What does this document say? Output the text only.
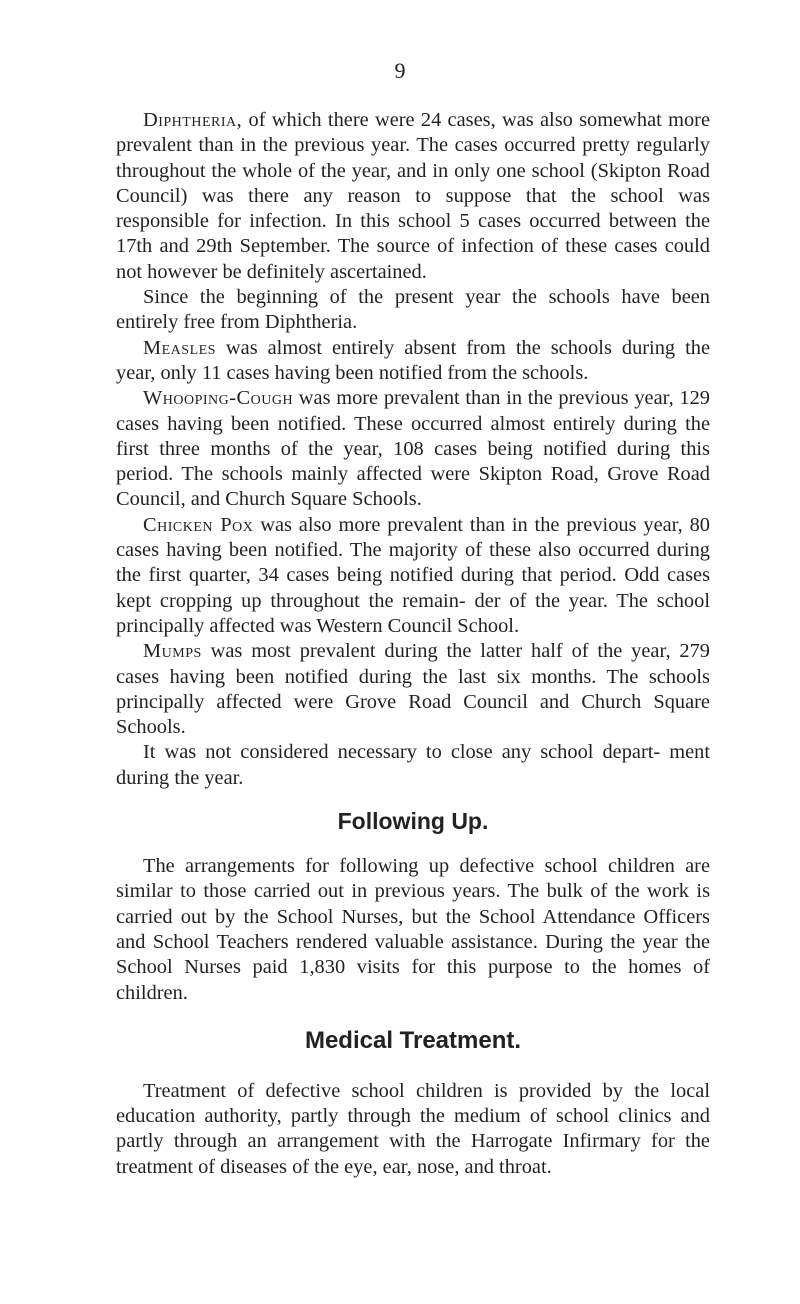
9

Diphtheria, of which there were 24 cases, was also somewhat more prevalent than in the previous year. The cases occurred pretty regularly throughout the whole of the year, and in only one school (Skipton Road Council) was there any reason to suppose that the school was responsible for infection. In this school 5 cases occurred between the 17th and 29th September. The source of infection of these cases could not however be definitely ascertained.

Since the beginning of the present year the schools have been entirely free from Diphtheria.

Measles was almost entirely absent from the schools during the year, only 11 cases having been notified from the schools.

Whooping-Cough was more prevalent than in the previous year, 129 cases having been notified. These occurred almost entirely during the first three months of the year, 108 cases being notified during this period. The schools mainly affected were Skipton Road, Grove Road Council, and Church Square Schools.

Chicken Pox was also more prevalent than in the previous year, 80 cases having been notified. The majority of these also occurred during the first quarter, 34 cases being notified during that period. Odd cases kept cropping up throughout the remain- der of the year. The school principally affected was Western Council School.

Mumps was most prevalent during the latter half of the year, 279 cases having been notified during the last six months. The schools principally affected were Grove Road Council and Church Square Schools.

It was not considered necessary to close any school depart- ment during the year.

Following Up.

The arrangements for following up defective school children are similar to those carried out in previous years. The bulk of the work is carried out by the School Nurses, but the School Attendance Officers and School Teachers rendered valuable assistance. During the year the School Nurses paid 1,830 visits for this purpose to the homes of children.

Medical Treatment.

Treatment of defective school children is provided by the local education authority, partly through the medium of school clinics and partly through an arrangement with the Harrogate Infirmary for the treatment of diseases of the eye, ear, nose, and throat.
